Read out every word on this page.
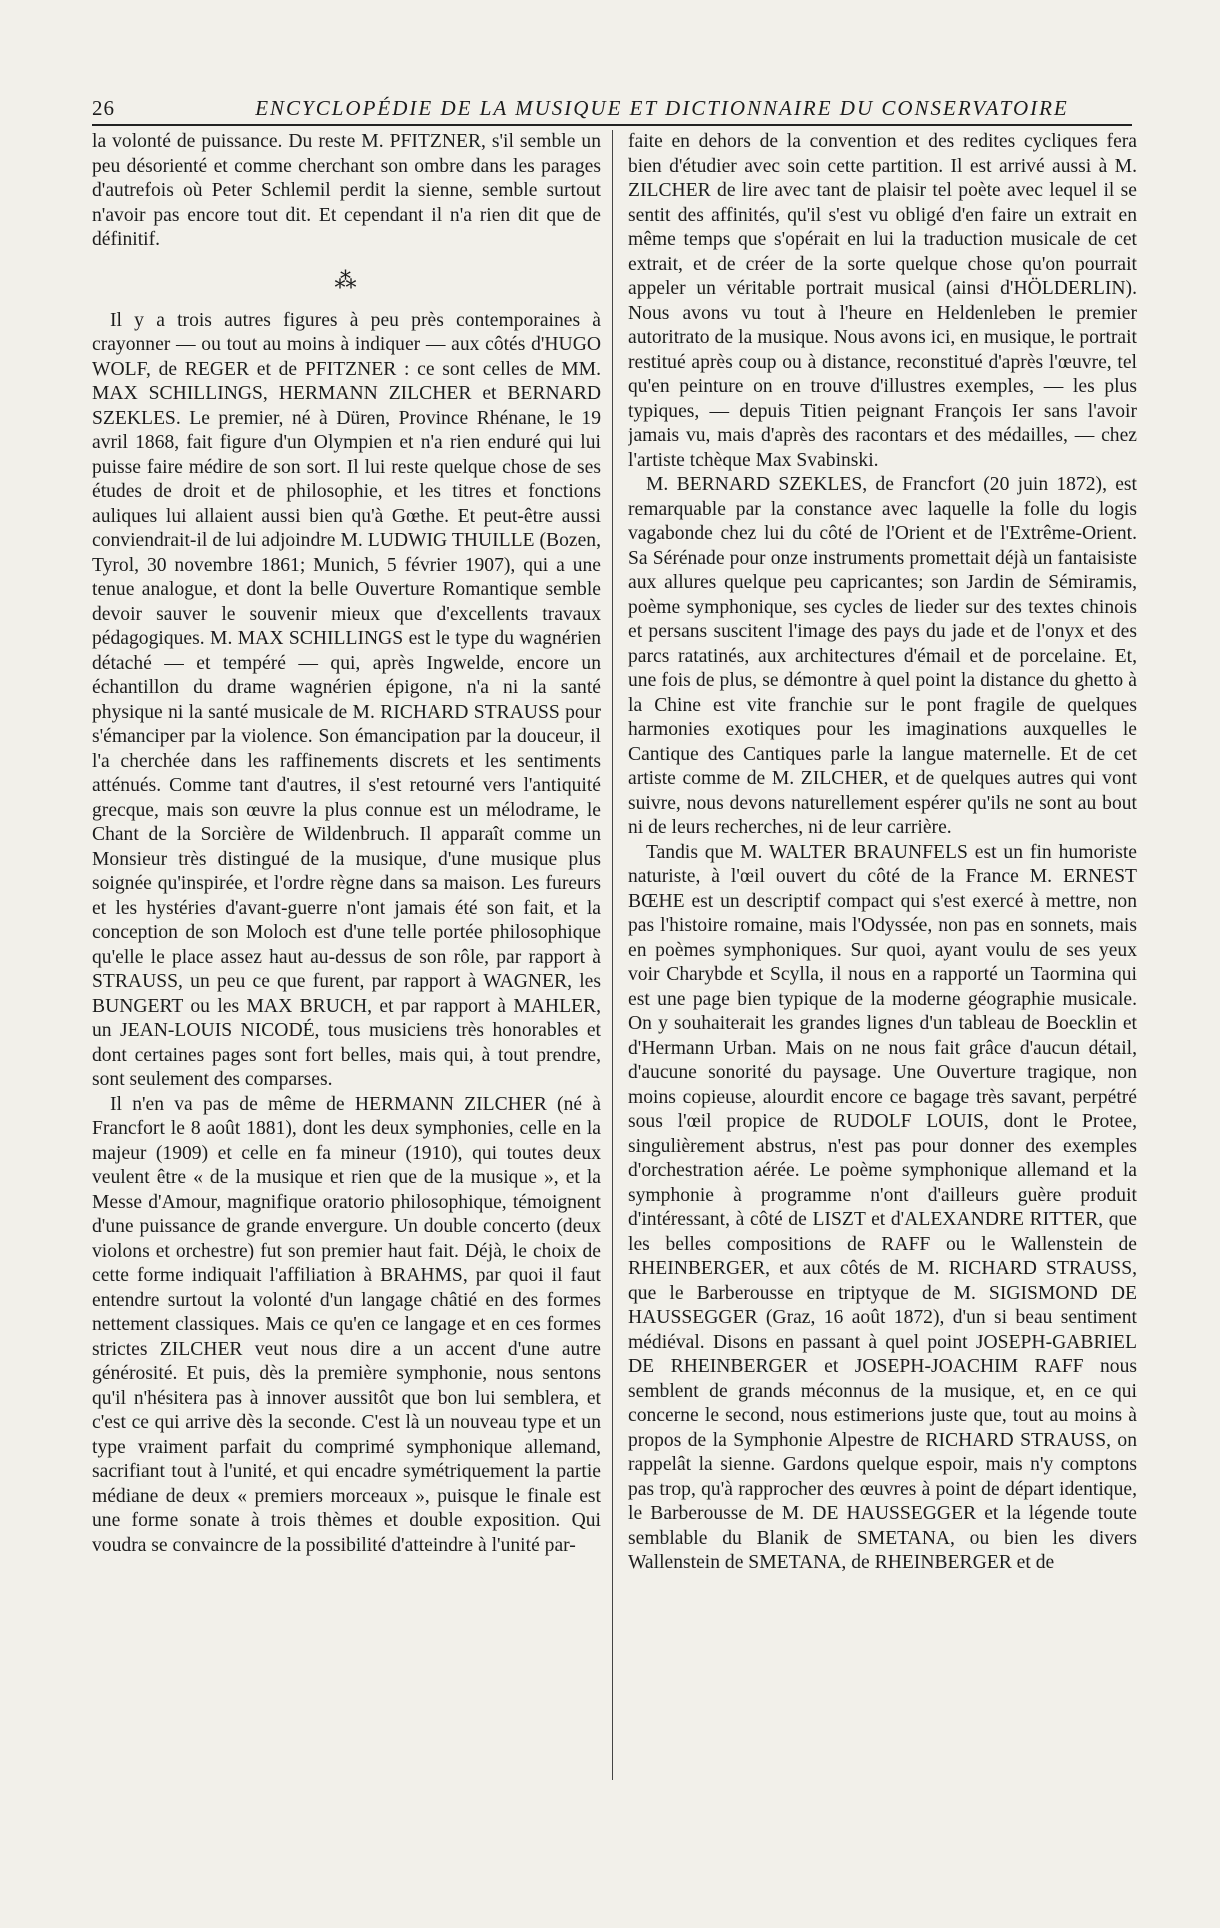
26	ENCYCLOPÉDIE DE LA MUSIQUE ET DICTIONNAIRE DU CONSERVATOIRE

la volonté de puissance. Du reste M. PFITZNER, s'il semble un peu désorienté et comme cherchant son ombre dans les parages d'autrefois où Peter Schlemil perdit la sienne, semble surtout n'avoir pas encore tout dit. Et cependant il n'a rien dit que de définitif.

⁂

Il y a trois autres figures à peu près contemporaines à crayonner — ou tout au moins à indiquer — aux côtés d'HUGO WOLF, de REGER et de PFITZNER : ce sont celles de MM. MAX SCHILLINGS, HERMANN ZILCHER et BERNARD SZEKLES. Le premier, né à Düren, Province Rhénane, le 19 avril 1868, fait figure d'un Olympien et n'a rien enduré qui lui puisse faire médire de son sort. Il lui reste quelque chose de ses études de droit et de philosophie, et les titres et fonctions auliques lui allaient aussi bien qu'à Gœthe. Et peut-être aussi conviendrait-il de lui adjoindre M. LUDWIG THUILLE (Bozen, Tyrol, 30 novembre 1861; Munich, 5 février 1907), qui a une tenue analogue, et dont la belle Ouverture Romantique semble devoir sauver le souvenir mieux que d'excellents travaux pédagogiques. M. MAX SCHILLINGS est le type du wagnérien détaché — et tempéré — qui, après Ingwelde, encore un échantillon du drame wagnérien épigone, n'a ni la santé physique ni la santé musicale de M. RICHARD STRAUSS pour s'émanciper par la violence. Son émancipation par la douceur, il l'a cherchée dans les raffinements discrets et les sentiments atténués. Comme tant d'autres, il s'est retourné vers l'antiquité grecque, mais son œuvre la plus connue est un mélodrame, le Chant de la Sorcière de Wildenbruch. Il apparaît comme un Monsieur très distingué de la musique, d'une musique plus soignée qu'inspirée, et l'ordre règne dans sa maison. Les fureurs et les hystéries d'avant-guerre n'ont jamais été son fait, et la conception de son Moloch est d'une telle portée philosophique qu'elle le place assez haut au-dessus de son rôle, par rapport à STRAUSS, un peu ce que furent, par rapport à WAGNER, les BUNGERT ou les MAX BRUCH, et par rapport à MAHLER, un JEAN-LOUIS NICODÉ, tous musiciens très honorables et dont certaines pages sont fort belles, mais qui, à tout prendre, sont seulement des comparses.

Il n'en va pas de même de HERMANN ZILCHER (né à Francfort le 8 août 1881), dont les deux symphonies, celle en la majeur (1909) et celle en fa mineur (1910), qui toutes deux veulent être « de la musique et rien que de la musique », et la Messe d'Amour, magnifique oratorio philosophique, témoignent d'une puissance de grande envergure. Un double concerto (deux violons et orchestre) fut son premier haut fait. Déjà, le choix de cette forme indiquait l'affiliation à BRAHMS, par quoi il faut entendre surtout la volonté d'un langage châtié en des formes nettement classiques. Mais ce qu'en ce langage et en ces formes strictes ZILCHER veut nous dire a un accent d'une autre générosité. Et puis, dès la première symphonie, nous sentons qu'il n'hésitera pas à innover aussitôt que bon lui semblera, et c'est ce qui arrive dès la seconde. C'est là un nouveau type et un type vraiment parfait du comprimé symphonique allemand, sacrifiant tout à l'unité, et qui encadre symétriquement la partie médiane de deux « premiers morceaux », puisque le finale est une forme sonate à trois thèmes et double exposition. Qui voudra se convaincre de la possibilité d'atteindre à l'unité par-

faite en dehors de la convention et des redites cycliques fera bien d'étudier avec soin cette partition. Il est arrivé aussi à M. ZILCHER de lire avec tant de plaisir tel poète avec lequel il se sentit des affinités, qu'il s'est vu obligé d'en faire un extrait en même temps que s'opérait en lui la traduction musicale de cet extrait, et de créer de la sorte quelque chose qu'on pourrait appeler un véritable portrait musical (ainsi d'HÖLDERLIN). Nous avons vu tout à l'heure en Heldenleben le premier autoritrato de la musique. Nous avons ici, en musique, le portrait restitué après coup ou à distance, reconstitué d'après l'œuvre, tel qu'en peinture on en trouve d'illustres exemples, — les plus typiques, — depuis Titien peignant François Ier sans l'avoir jamais vu, mais d'après des racontars et des médailles, — chez l'artiste tchèque Max Svabinski.

M. BERNARD SZEKLES, de Francfort (20 juin 1872), est remarquable par la constance avec laquelle la folle du logis vagabonde chez lui du côté de l'Orient et de l'Extrême-Orient. Sa Sérénade pour onze instruments promettait déjà un fantaisiste aux allures quelque peu capricantes; son Jardin de Sémiramis, poème symphonique, ses cycles de lieder sur des textes chinois et persans suscitent l'image des pays du jade et de l'onyx et des parcs ratatinés, aux architectures d'émail et de porcelaine. Et, une fois de plus, se démontre à quel point la distance du ghetto à la Chine est vite franchie sur le pont fragile de quelques harmonies exotiques pour les imaginations auxquelles le Cantique des Cantiques parle la langue maternelle. Et de cet artiste comme de M. ZILCHER, et de quelques autres qui vont suivre, nous devons naturellement espérer qu'ils ne sont au bout ni de leurs recherches, ni de leur carrière.

Tandis que M. WALTER BRAUNFELS est un fin humoriste naturiste, à l'œil ouvert du côté de la France M. ERNEST BŒHE est un descriptif compact qui s'est exercé à mettre, non pas l'histoire romaine, mais l'Odyssée, non pas en sonnets, mais en poèmes symphoniques. Sur quoi, ayant voulu de ses yeux voir Charybde et Scylla, il nous en a rapporté un Taormina qui est une page bien typique de la moderne géographie musicale. On y souhaiterait les grandes lignes d'un tableau de Boecklin et d'Hermann Urban. Mais on ne nous fait grâce d'aucun détail, d'aucune sonorité du paysage. Une Ouverture tragique, non moins copieuse, alourdit encore ce bagage très savant, perpétré sous l'œil propice de RUDOLF LOUIS, dont le Protee, singulièrement abstrus, n'est pas pour donner des exemples d'orchestration aérée. Le poème symphonique allemand et la symphonie à programme n'ont d'ailleurs guère produit d'intéressant, à côté de LISZT et d'ALEXANDRE RITTER, que les belles compositions de RAFF ou le Wallenstein de RHEINBERGER, et aux côtés de M. RICHARD STRAUSS, que le Barberousse en triptyque de M. SIGISMOND DE HAUSSEGGER (Graz, 16 août 1872), d'un si beau sentiment médiéval. Disons en passant à quel point JOSEPH-GABRIEL DE RHEINBERGER et JOSEPH-JOACHIM RAFF nous semblent de grands méconnus de la musique, et, en ce qui concerne le second, nous estimerions juste que, tout au moins à propos de la Symphonie Alpestre de RICHARD STRAUSS, on rappelât la sienne. Gardons quelque espoir, mais n'y comptons pas trop, qu'à rapprocher des œuvres à point de départ identique, le Barberousse de M. DE HAUSSEGGER et la légende toute semblable du Blanik de SMETANA, ou bien les divers Wallenstein de SMETANA, de RHEINBERGER et de
